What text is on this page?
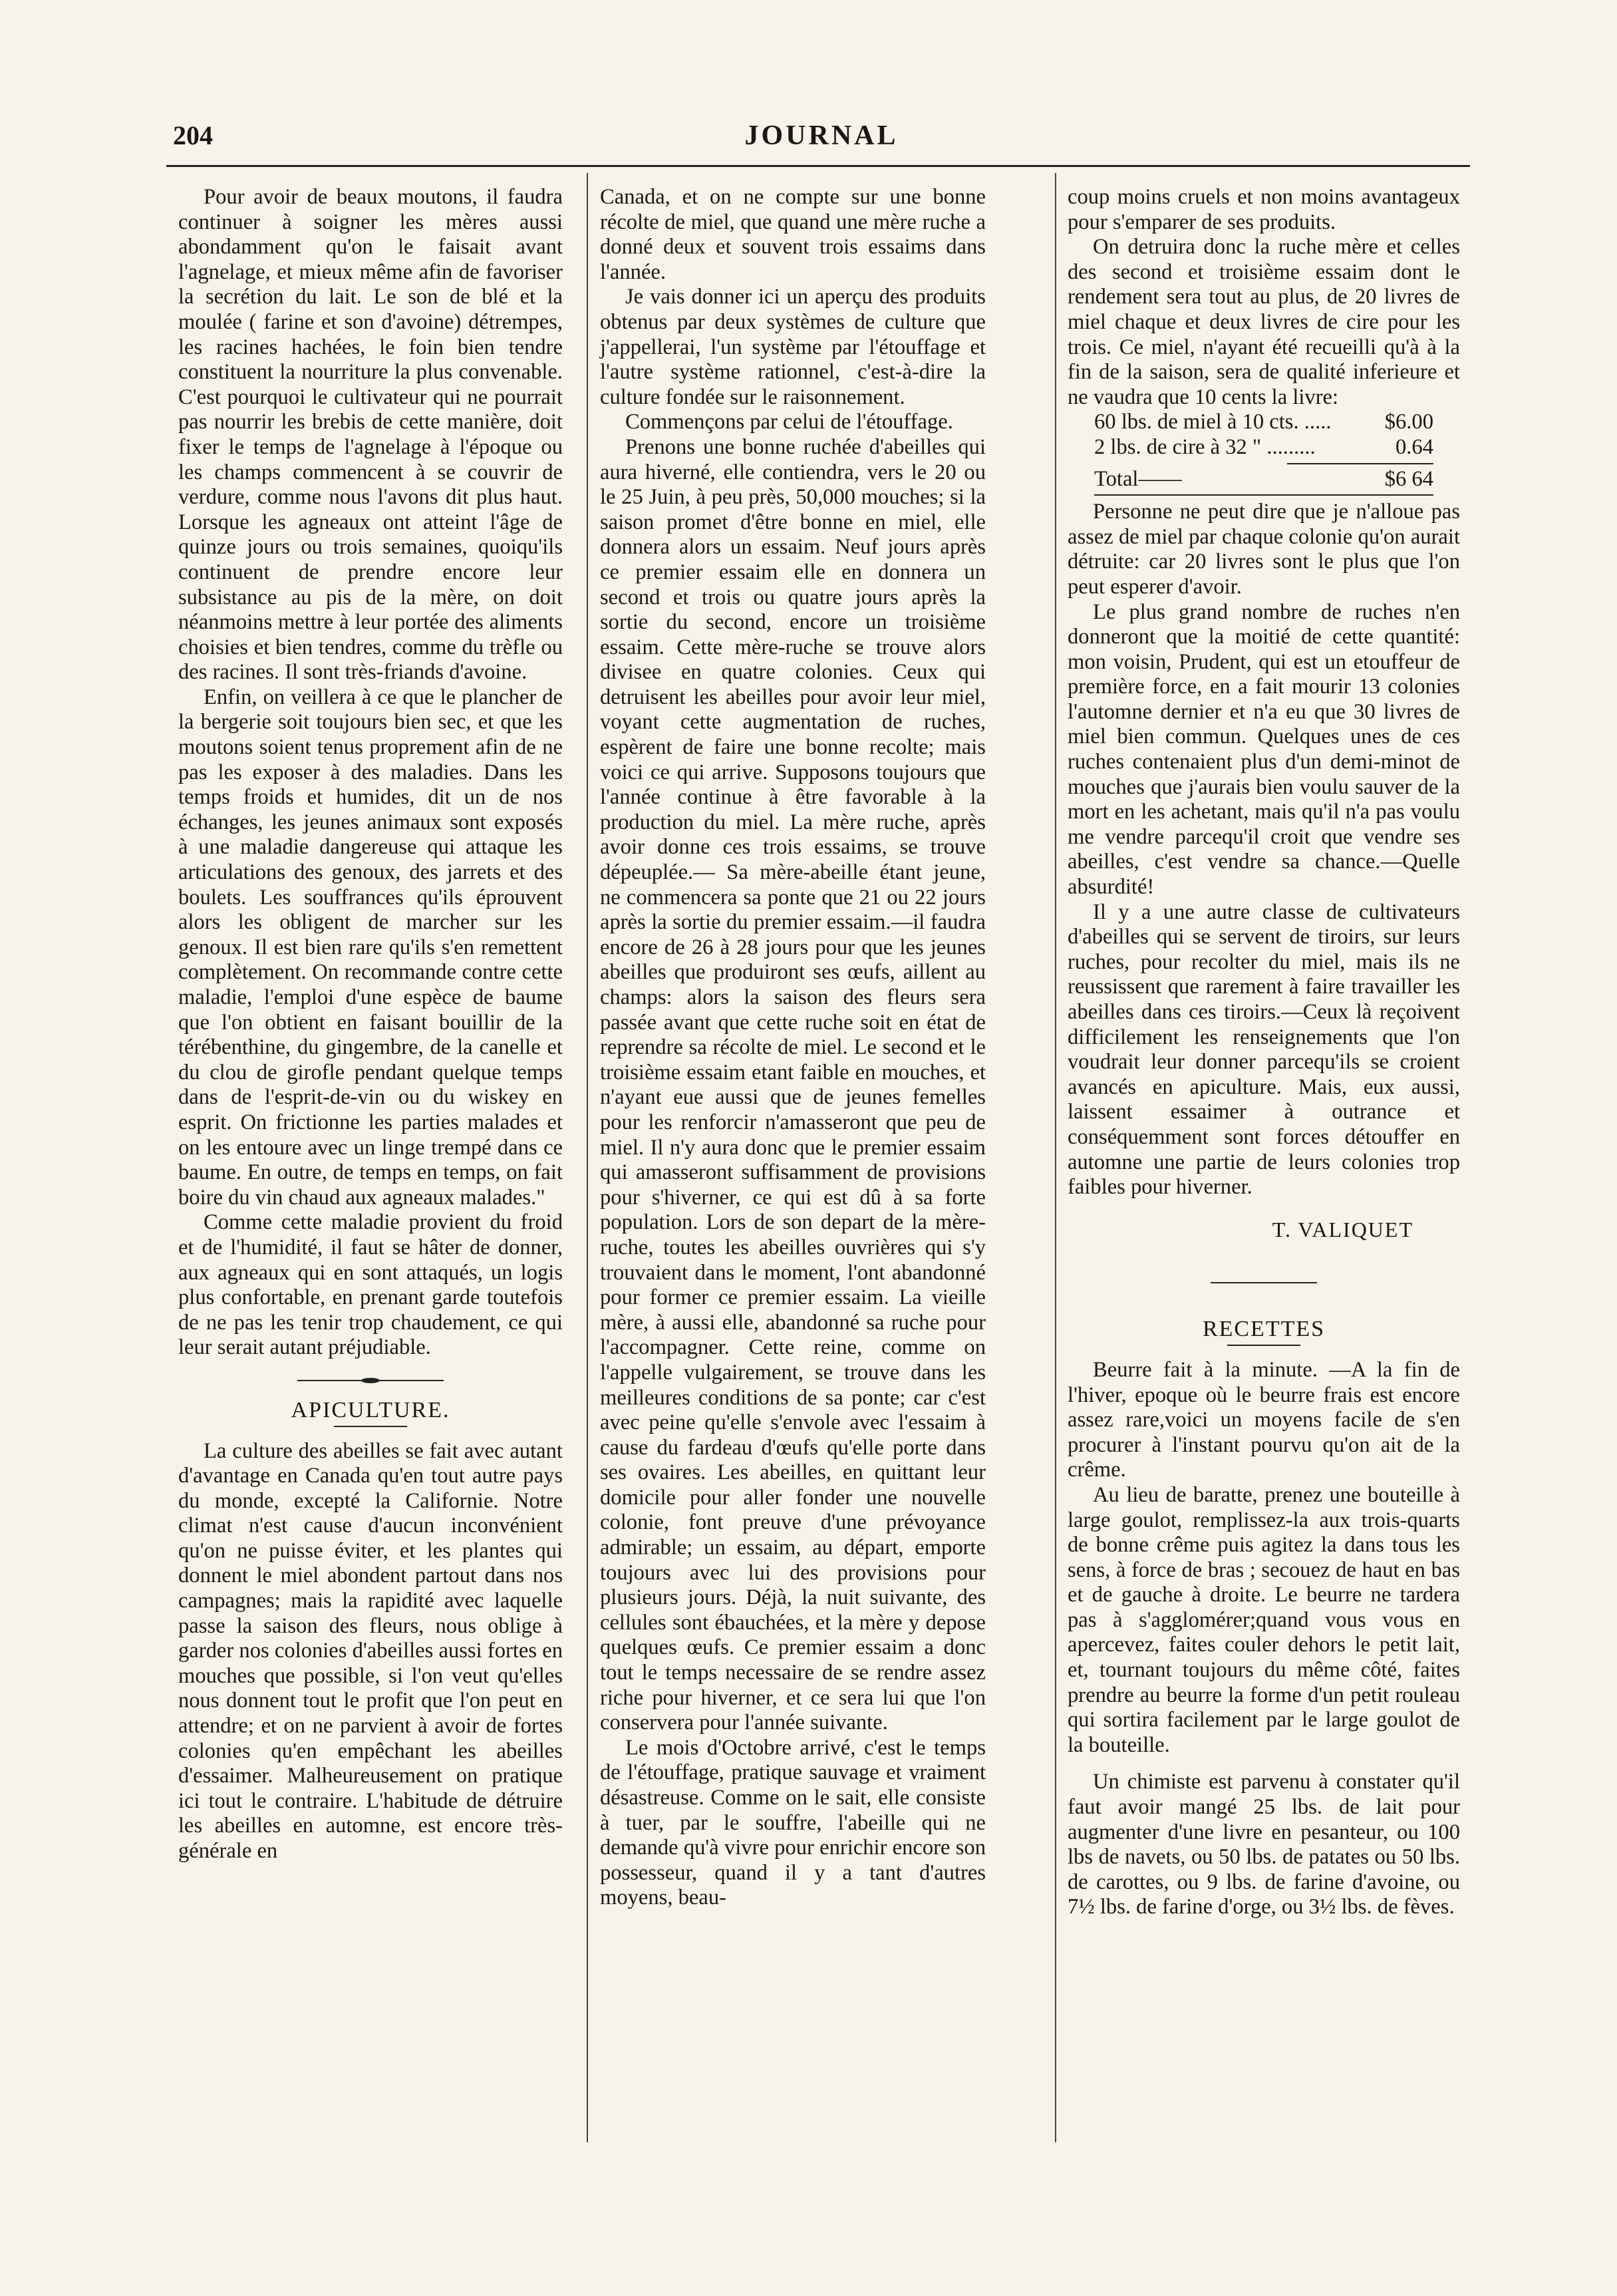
204	JOURNAL

Pour avoir de beaux moutons, il faudra continuer à soigner les mères aussi abondamment qu'on le faisait avant l'agnelage, et mieux même afin de favoriser la secrétion du lait. Le son de blé et la moulée ( farine et son d'avoine) détrempes, les racines hachées, le foin bien tendre constituent la nourriture la plus convenable. C'est pourquoi le cultivateur qui ne pourrait pas nourrir les brebis de cette manière, doit fixer le temps de l'agnelage à l'époque ou les champs commencent à se couvrir de verdure, comme nous l'avons dit plus haut. Lorsque les agneaux ont atteint l'âge de quinze jours ou trois semaines, quoiqu'ils continuent de prendre encore leur subsistance au pis de la mère, on doit néanmoins mettre à leur portée des aliments choisies et bien tendres, comme du trèfle ou des racines. Il sont très-friands d'avoine.

Enfin, on veillera à ce que le plancher de la bergerie soit toujours bien sec, et que les moutons soient tenus proprement afin de ne pas les exposer à des maladies. Dans les temps froids et humides, dit un de nos échanges, les jeunes animaux sont exposés à une maladie dangereuse qui attaque les articulations des genoux, des jarrets et des boulets. Les souffrances qu'ils éprouvent alors les obligent de marcher sur les genoux. Il est bien rare qu'ils s'en remettent complètement. On recommande contre cette maladie, l'emploi d'une espèce de baume que l'on obtient en faisant bouillir de la térébenthine, du gingembre, de la canelle et du clou de girofle pendant quelque temps dans de l'esprit-de-vin ou du wiskey en esprit. On frictionne les parties malades et on les entoure avec un linge trempé dans ce baume. En outre, de temps en temps, on fait boire du vin chaud aux agneaux malades."

Comme cette maladie provient du froid et de l'humidité, il faut se hâter de donner, aux agneaux qui en sont attaqués, un logis plus confortable, en prenant garde toutefois de ne pas les tenir trop chaudement, ce qui leur serait autant préjudiable.

APICULTURE.

La culture des abeilles se fait avec autant d'avantage en Canada qu'en tout autre pays du monde, excepté la Californie. Notre climat n'est cause d'aucun inconvénient qu'on ne puisse éviter, et les plantes qui donnent le miel abondent partout dans nos campagnes; mais la rapidité avec laquelle passe la saison des fleurs, nous oblige à garder nos colonies d'abeilles aussi fortes en mouches que possible, si l'on veut qu'elles nous donnent tout le profit que l'on peut en attendre; et on ne parvient à avoir de fortes colonies qu'en empêchant les abeilles d'essaimer. Malheureusement on pratique ici tout le contraire. L'habitude de détruire les abeilles en automne, est encore très-générale en

Canada, et on ne compte sur une bonne récolte de miel, que quand une mère ruche a donné deux et souvent trois essaims dans l'année.

Je vais donner ici un aperçu des produits obtenus par deux systèmes de culture que j'appellerai, l'un système par l'étouffage et l'autre système rationnel, c'est-à-dire la culture fondée sur le raisonnement.

Commençons par celui de l'étouffage.

Prenons une bonne ruchée d'abeilles qui aura hiverné, elle contiendra, vers le 20 ou le 25 Juin, à peu près, 50,000 mouches; si la saison promet d'être bonne en miel, elle donnera alors un essaim. Neuf jours après ce premier essaim elle en donnera un second et trois ou quatre jours après la sortie du second, encore un troisième essaim. Cette mère-ruche se trouve alors divisee en quatre colonies. Ceux qui detruisent les abeilles pour avoir leur miel, voyant cette augmentation de ruches, espèrent de faire une bonne recolte; mais voici ce qui arrive. Supposons toujours que l'année continue à être favorable à la production du miel. La mère ruche, après avoir donne ces trois essaims, se trouve dépeuplée.— Sa mère-abeille étant jeune, ne commencera sa ponte que 21 ou 22 jours après la sortie du premier essaim.—il faudra encore de 26 à 28 jours pour que les jeunes abeilles que produiront ses œufs, aillent au champs: alors la saison des fleurs sera passée avant que cette ruche soit en état de reprendre sa récolte de miel. Le second et le troisième essaim etant faible en mouches, et n'ayant eue aussi que de jeunes femelles pour les renforcir n'amasseront que peu de miel. Il n'y aura donc que le premier essaim qui amasseront suffisamment de provisions pour s'hiverner, ce qui est dû à sa forte population. Lors de son depart de la mère-ruche, toutes les abeilles ouvrières qui s'y trouvaient dans le moment, l'ont abandonné pour former ce premier essaim. La vieille mère, à aussi elle, abandonné sa ruche pour l'accompagner. Cette reine, comme on l'appelle vulgairement, se trouve dans les meilleures conditions de sa ponte; car c'est avec peine qu'elle s'envole avec l'essaim à cause du fardeau d'œufs qu'elle porte dans ses ovaires. Les abeilles, en quittant leur domicile pour aller fonder une nouvelle colonie, font preuve d'une prévoyance admirable; un essaim, au départ, emporte toujours avec lui des provisions pour plusieurs jours. Déjà, la nuit suivante, des cellules sont ébauchées, et la mère y depose quelques œufs. Ce premier essaim a donc tout le temps necessaire de se rendre assez riche pour hiverner, et ce sera lui que l'on conservera pour l'année suivante.

Le mois d'Octobre arrivé, c'est le temps de l'étouffage, pratique sauvage et vraiment désastreuse. Comme on le sait, elle consiste à tuer, par le souffre, l'abeille qui ne demande qu'à vivre pour enrichir encore son possesseur, quand il y a tant d'autres moyens, beau-

coup moins cruels et non moins avantageux pour s'emparer de ses produits.

On detruira donc la ruche mère et celles des second et troisième essaim dont le rendement sera tout au plus, de 20 livres de miel chaque et deux livres de cire pour les trois. Ce miel, n'ayant été recueilli qu'à à la fin de la saison, sera de qualité inferieure et ne vaudra que 10 cents la livre:

60 lbs. de miel à 10 cts. ..... $6.00
2 lbs. de cire à 32 " .........	0.64
Total——	$6 64

Personne ne peut dire que je n'alloue pas assez de miel par chaque colonie qu'on aurait détruite: car 20 livres sont le plus que l'on peut esperer d'avoir.

Le plus grand nombre de ruches n'en donneront que la moitié de cette quantité: mon voisin, Prudent, qui est un etouffeur de première force, en a fait mourir 13 colonies l'automne dernier et n'a eu que 30 livres de miel bien commun. Quelques unes de ces ruches contenaient plus d'un demi-minot de mouches que j'aurais bien voulu sauver de la mort en les achetant, mais qu'il n'a pas voulu me vendre parcequ'il croit que vendre ses abeilles, c'est vendre sa chance.—Quelle absurdité!

Il y a une autre classe de cultivateurs d'abeilles qui se servent de tiroirs, sur leurs ruches, pour recolter du miel, mais ils ne reussissent que rarement à faire travailler les abeilles dans ces tiroirs.—Ceux là reçoivent difficilement les renseignements que l'on voudrait leur donner parcequ'ils se croient avancés en apiculture. Mais, eux aussi, laissent essaimer à outrance et conséquemment sont forces détouffer en automne une partie de leurs colonies trop faibles pour hiverner.

T. VALIQUET
RECETTES

Beurre fait à la minute. —A la fin de l'hiver, epoque où le beurre frais est encore assez rare,voici un moyens facile de s'en procurer à l'instant pourvu qu'on ait de la crême.

Au lieu de baratte, prenez une bouteille à large goulot, remplissez-la aux trois-quarts de bonne crême puis agitez la dans tous les sens, à force de bras ; secouez de haut en bas et de gauche à droite. Le beurre ne tardera pas à s'agglomérer;quand vous vous en apercevez, faites couler dehors le petit lait, et, tournant toujours du même côté, faites prendre au beurre la forme d'un petit rouleau qui sortira facilement par le large goulot de la bouteille.

Un chimiste est parvenu à constater qu'il faut avoir mangé 25 lbs. de lait pour augmenter d'une livre en pesanteur, ou 100 lbs de navets, ou 50 lbs. de patates ou 50 lbs. de carottes, ou 9 lbs. de farine d'avoine, ou 7½ lbs. de farine d'orge, ou 3½ lbs. de fèves.
